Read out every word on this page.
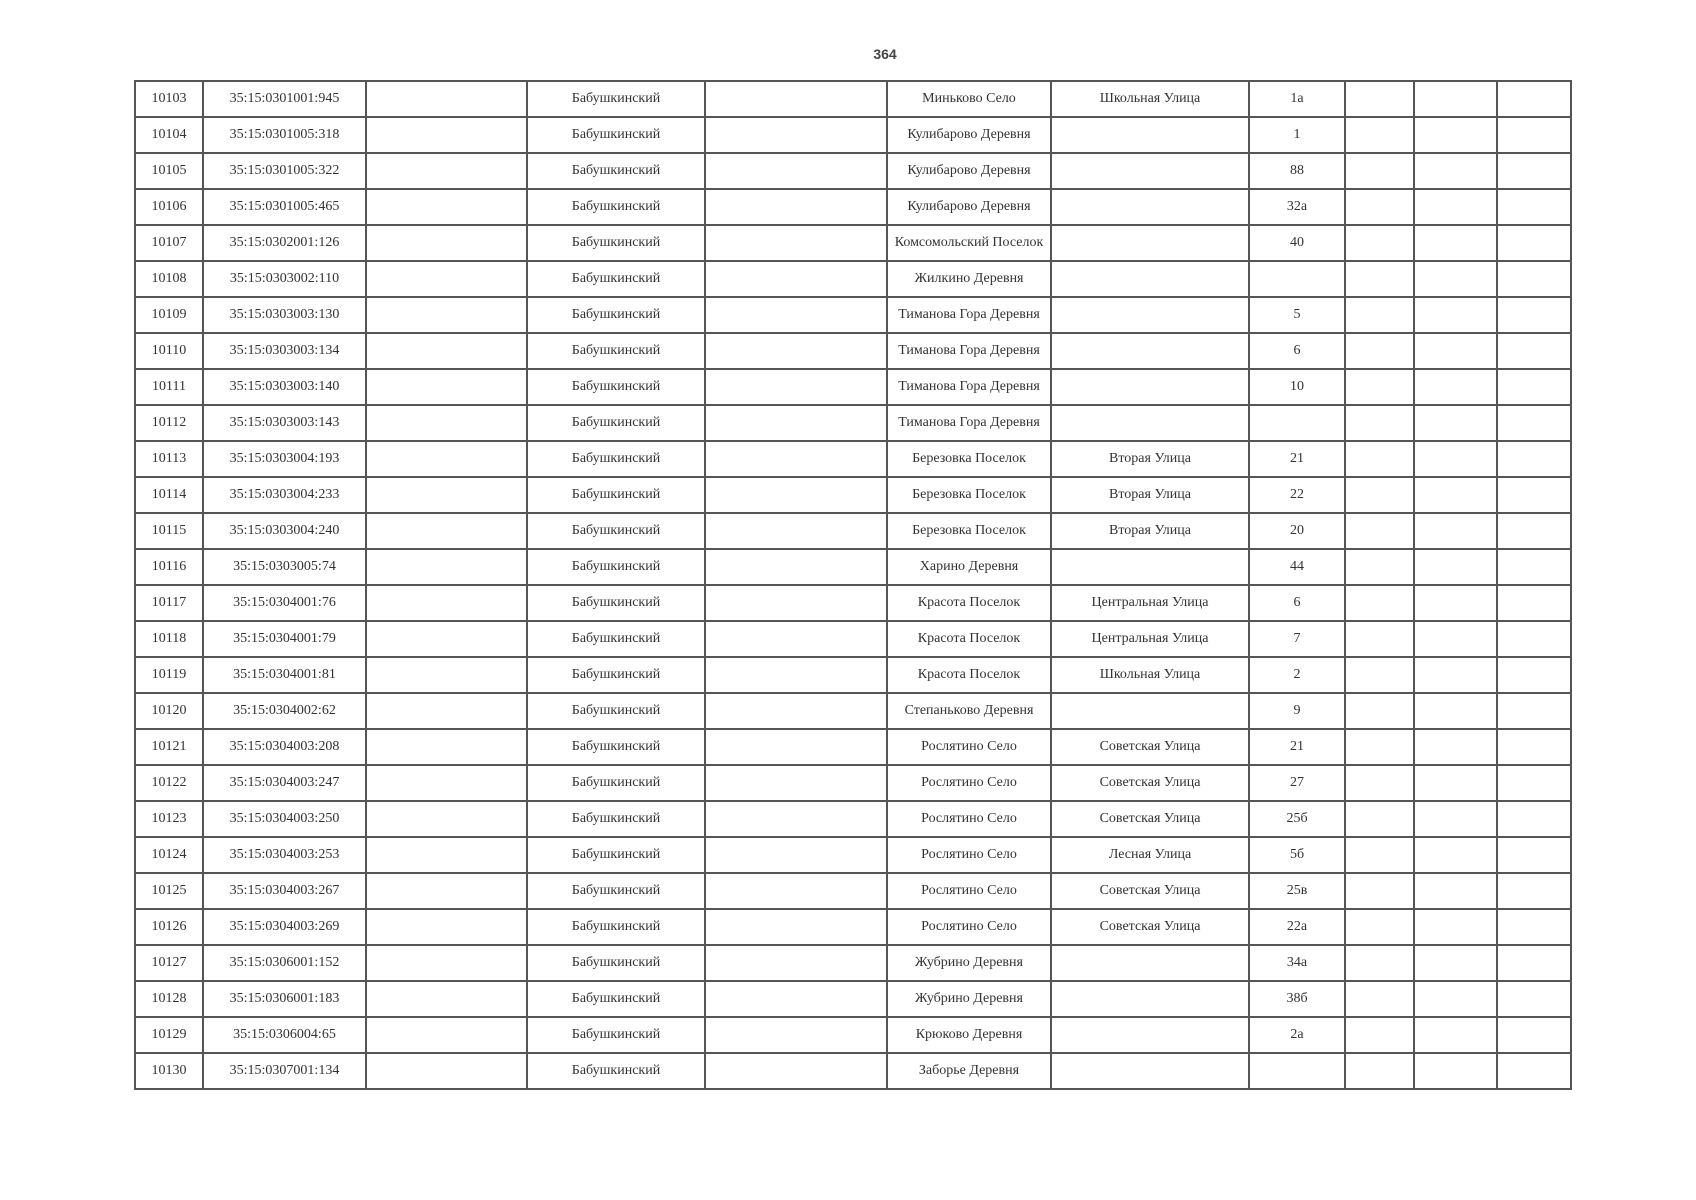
364
10103	35:15:0301001:945		Бабушкинский		Миньково Село	Школьная Улица	1а			
10104	35:15:0301005:318		Бабушкинский		Кулибарово Деревня		1			
10105	35:15:0301005:322		Бабушкинский		Кулибарово Деревня		88			
10106	35:15:0301005:465		Бабушкинский		Кулибарово Деревня		32а			
10107	35:15:0302001:126		Бабушкинский		Комсомольский Поселок		40			
10108	35:15:0303002:110		Бабушкинский		Жилкино Деревня					
10109	35:15:0303003:130		Бабушкинский		Тиманова Гора Деревня		5			
10110	35:15:0303003:134		Бабушкинский		Тиманова Гора Деревня		6			
10111	35:15:0303003:140		Бабушкинский		Тиманова Гора Деревня		10			
10112	35:15:0303003:143		Бабушкинский		Тиманова Гора Деревня					
10113	35:15:0303004:193		Бабушкинский		Березовка Поселок	Вторая Улица	21			
10114	35:15:0303004:233		Бабушкинский		Березовка Поселок	Вторая Улица	22			
10115	35:15:0303004:240		Бабушкинский		Березовка Поселок	Вторая Улица	20			
10116	35:15:0303005:74		Бабушкинский		Харино Деревня		44			
10117	35:15:0304001:76		Бабушкинский		Красота Поселок	Центральная Улица	6			
10118	35:15:0304001:79		Бабушкинский		Красота Поселок	Центральная Улица	7			
10119	35:15:0304001:81		Бабушкинский		Красота Поселок	Школьная Улица	2			
10120	35:15:0304002:62		Бабушкинский		Степаньково Деревня		9			
10121	35:15:0304003:208		Бабушкинский		Рослятино Село	Советская Улица	21			
10122	35:15:0304003:247		Бабушкинский		Рослятино Село	Советская Улица	27			
10123	35:15:0304003:250		Бабушкинский		Рослятино Село	Советская Улица	25б			
10124	35:15:0304003:253		Бабушкинский		Рослятино Село	Лесная Улица	5б			
10125	35:15:0304003:267		Бабушкинский		Рослятино Село	Советская Улица	25в			
10126	35:15:0304003:269		Бабушкинский		Рослятино Село	Советская Улица	22а			
10127	35:15:0306001:152		Бабушкинский		Жубрино Деревня		34а			
10128	35:15:0306001:183		Бабушкинский		Жубрино Деревня		38б			
10129	35:15:0306004:65		Бабушкинский		Крюково Деревня		2а			
10130	35:15:0307001:134		Бабушкинский		Заборье Деревня					
